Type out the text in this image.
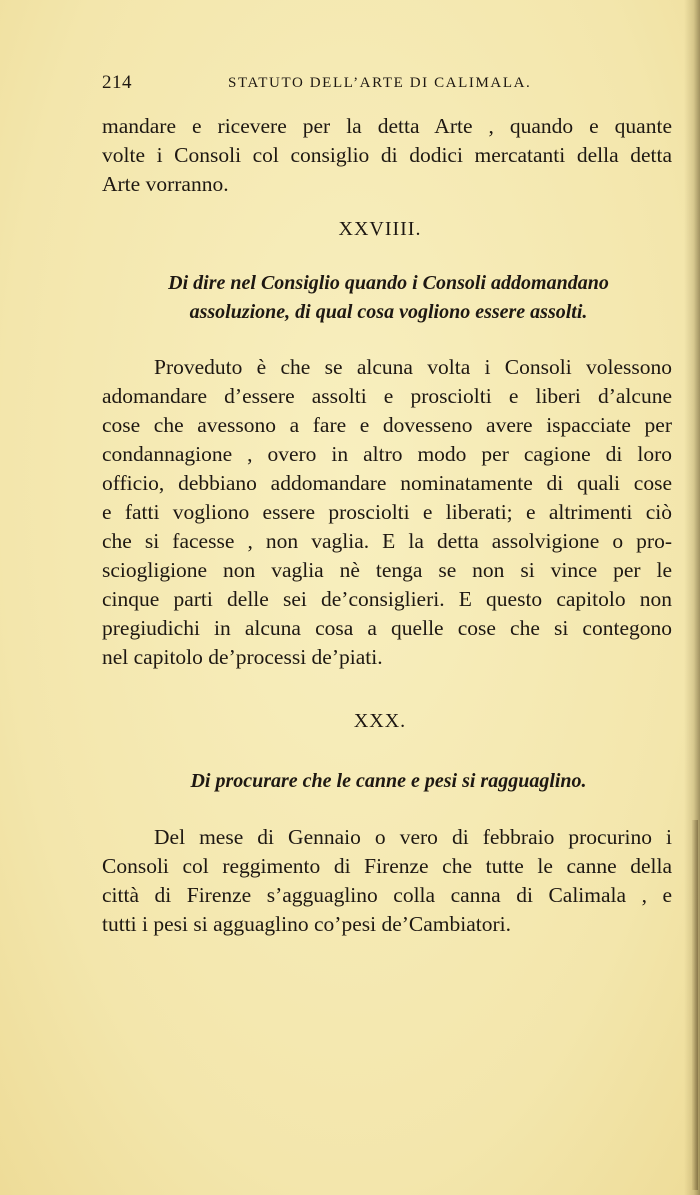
214	STATUTO DELL’ARTE DI CALIMALA.
mandare e ricevere per la detta Arte , quando e quante
volte i Consoli col consiglio di dodici mercatanti della detta
Arte vorranno.
XXVIIII.
Di dire nel Consiglio quando i Consoli addomandano
assoluzione, di qual cosa vogliono essere assolti.
Proveduto è che se alcuna volta i Consoli volessono
adomandare d’essere assolti e prosciolti e liberi d’alcune
cose che avessono a fare e dovesseno avere ispacciate per
condannagione , overo in altro modo per cagione di loro
officio, debbiano addomandare nominatamente di quali cose
e fatti vogliono essere prosciolti e liberati; e altrimenti ciò
che si facesse , non vaglia. E la detta assolvigione o pro-
sciogligione non vaglia nè tenga se non si vince per le
cinque parti delle sei de’consiglieri. E questo capitolo non
pregiudichi in alcuna cosa a quelle cose che si contegono
nel capitolo de’processi de’piati.
XXX.
Di procurare che le canne e pesi si ragguaglino.
Del mese di Gennaio o vero di febbraio procurino i
Consoli col reggimento di Firenze che tutte le canne della
città di Firenze s’agguaglino colla canna di Calimala , e
tutti i pesi si agguaglino co’pesi de’Cambiatori.
